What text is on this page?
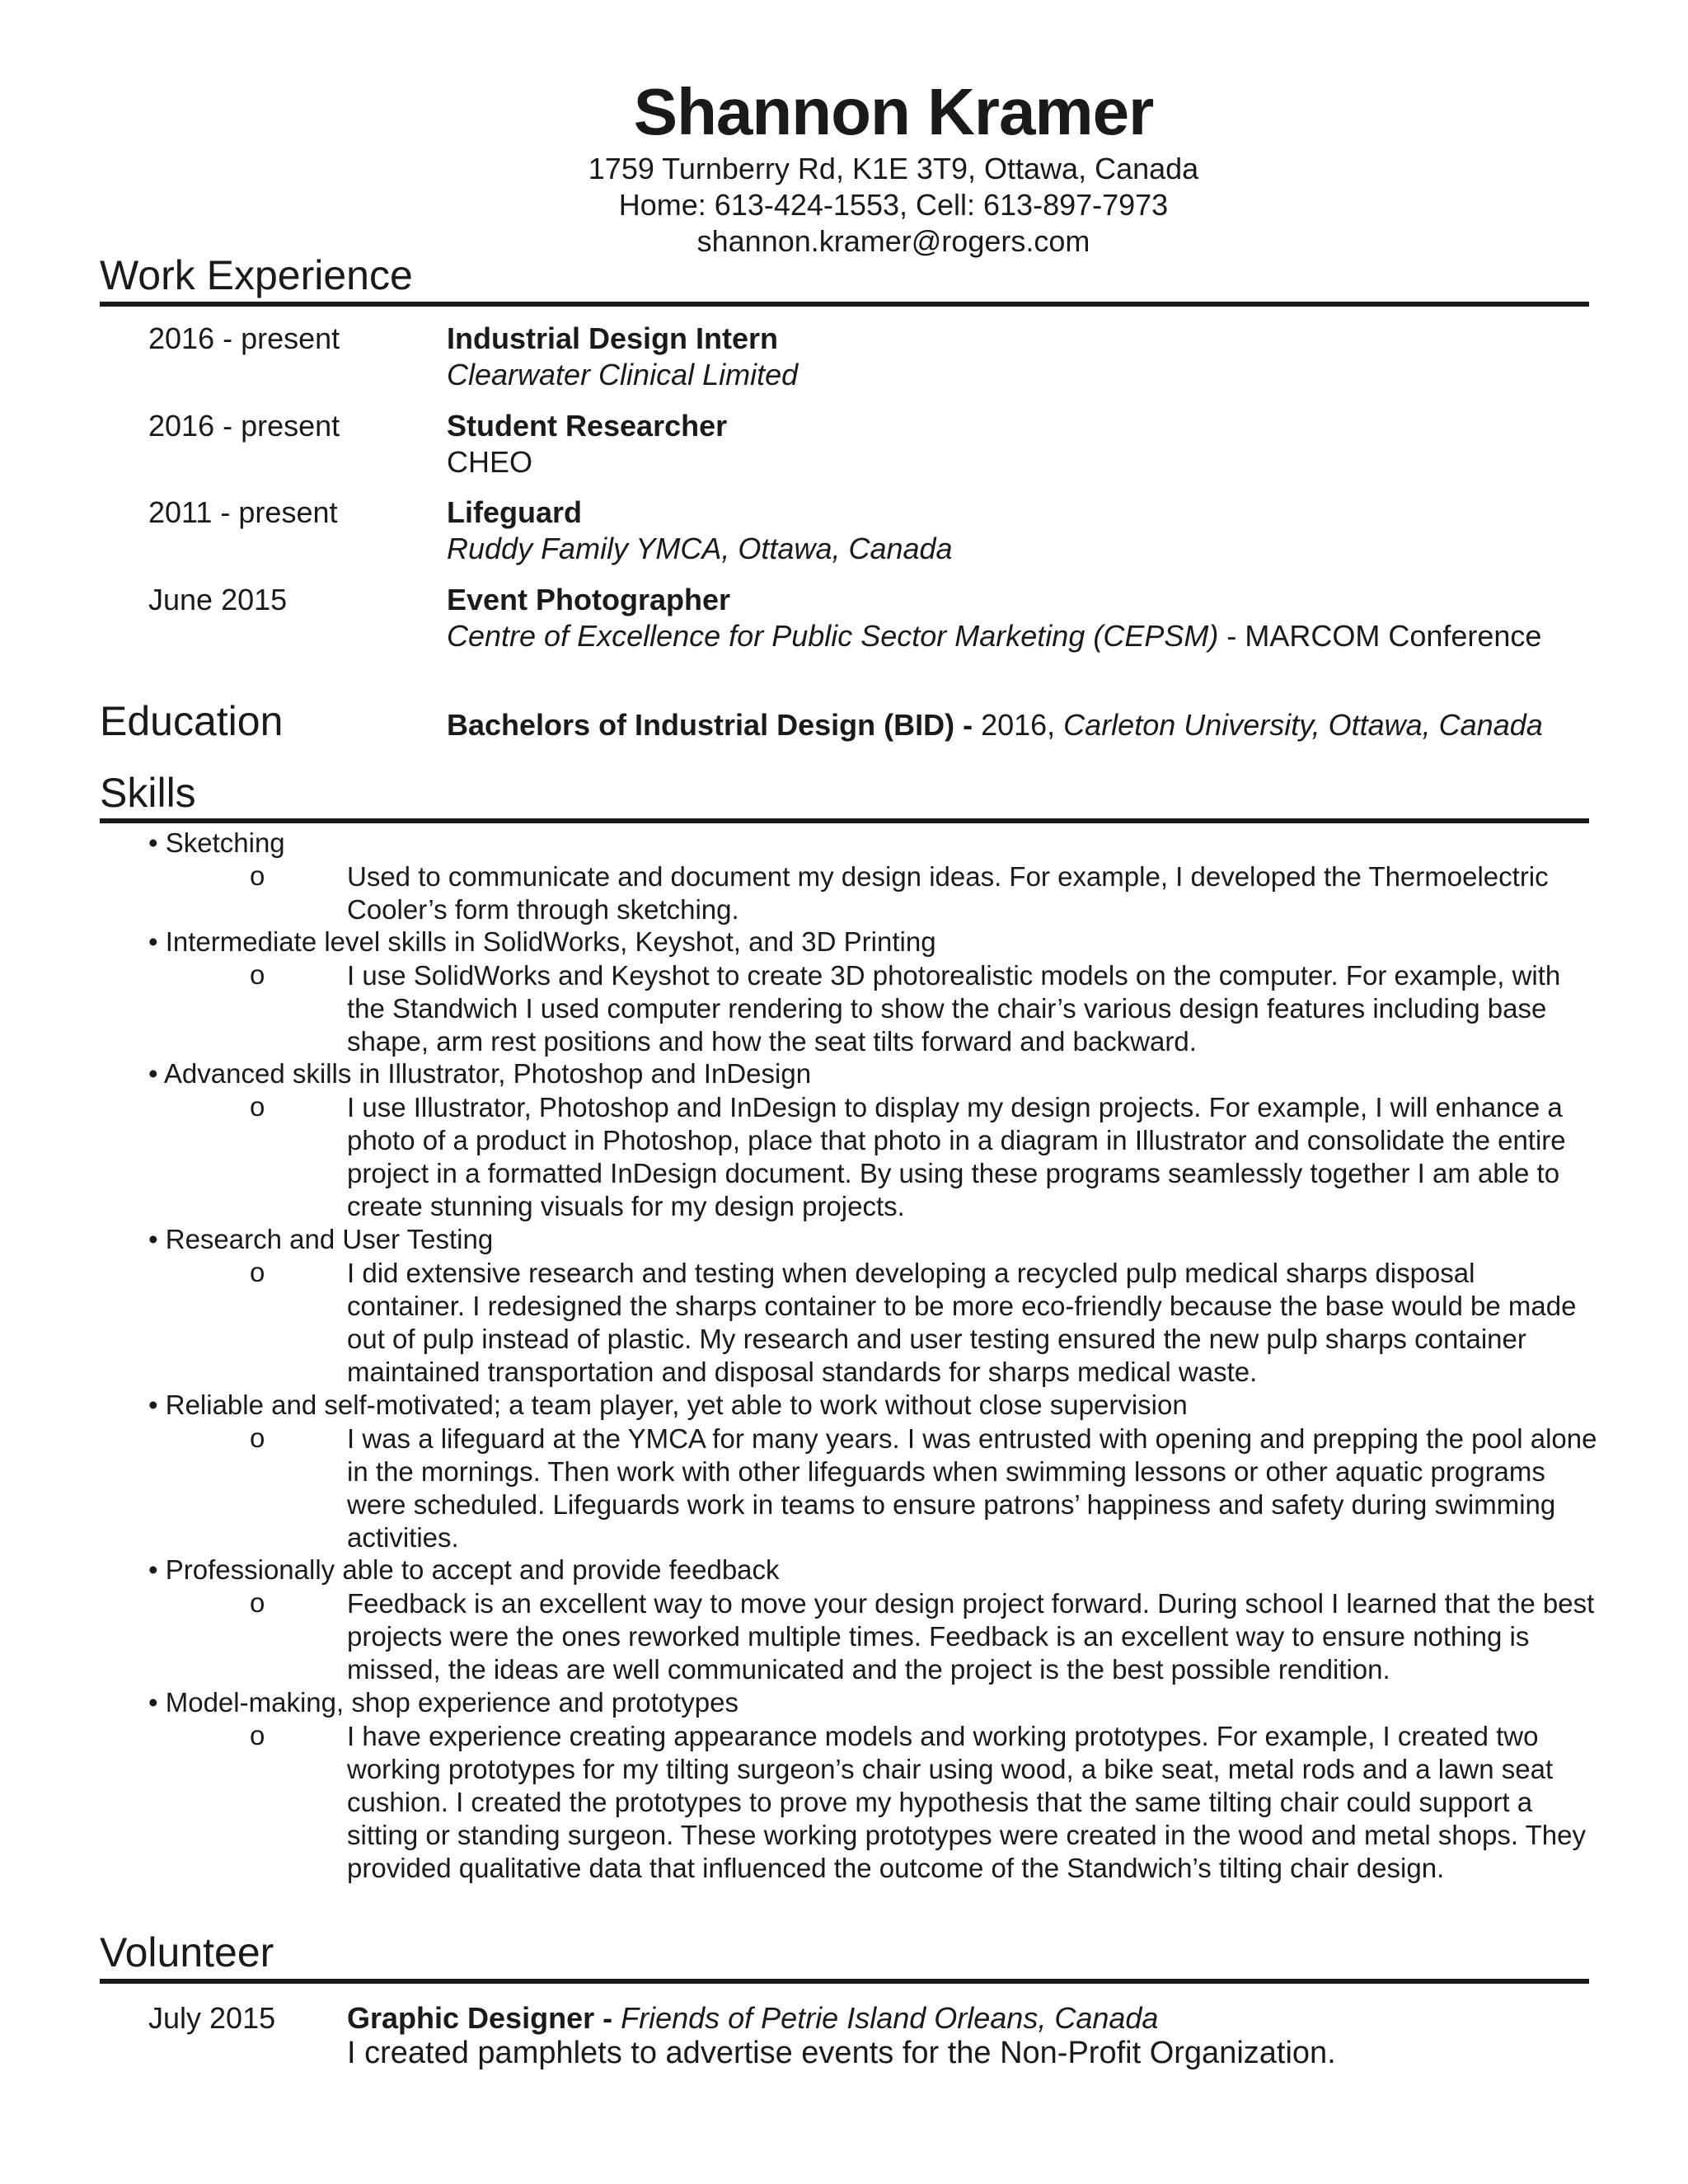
Shannon Kramer
1759 Turnberry Rd, K1E 3T9, Ottawa, Canada
Home: 613-424-1553, Cell: 613-897-7973
shannon.kramer@rogers.com
Work Experience
2016 - present	Industrial Design Intern
Clearwater Clinical Limited
2016 - present	Student Researcher
CHEO
2011 - present	Lifeguard
Ruddy Family YMCA, Ottawa, Canada
June 2015	Event Photographer
Centre of Excellence for Public Sector Marketing (CEPSM) - MARCOM Conference
Education	Bachelors of Industrial Design (BID) - 2016, Carleton University, Ottawa, Canada
Skills
• Sketching
o	Used to communicate and document my design ideas. For example, I developed the Thermoelectric Cooler’s form through sketching.
• Intermediate level skills in SolidWorks, Keyshot, and 3D Printing
o	I use SolidWorks and Keyshot to create 3D photorealistic models on the computer. For example, with the Standwich I used computer rendering to show the chair’s various design features including base shape, arm rest positions and how the seat tilts forward and backward.
• Advanced skills in Illustrator, Photoshop and InDesign
o	I use Illustrator, Photoshop and InDesign to display my design projects. For example, I will enhance a photo of a product in Photoshop, place that photo in a diagram in Illustrator and consolidate the entire project in a formatted InDesign document. By using these programs seamlessly together I am able to create stunning visuals for my design projects.
• Research and User Testing
o	I did extensive research and testing when developing a recycled pulp medical sharps disposal container. I redesigned the sharps container to be more eco-friendly because the base would be made out of pulp instead of plastic. My research and user testing ensured the new pulp sharps container maintained transportation and disposal standards for sharps medical waste.
• Reliable and self-motivated; a team player, yet able to work without close supervision
o	I was a lifeguard at the YMCA for many years. I was entrusted with opening and prepping the pool alone in the mornings. Then work with other lifeguards when swimming lessons or other aquatic programs were scheduled. Lifeguards work in teams to ensure patrons’ happiness and safety during swimming activities.
• Professionally able to accept and provide feedback
o	Feedback is an excellent way to move your design project forward. During school I learned that the best projects were the ones reworked multiple times. Feedback is an excellent way to ensure nothing is missed, the ideas are well communicated and the project is the best possible rendition.
• Model-making, shop experience and prototypes
o	I have experience creating appearance models and working prototypes. For example, I created two working prototypes for my tilting surgeon’s chair using wood, a bike seat, metal rods and a lawn seat cushion. I created the prototypes to prove my hypothesis that the same tilting chair could support a sitting or standing surgeon. These working prototypes were created in the wood and metal shops. They provided qualitative data that influenced the outcome of the Standwich’s tilting chair design.
Volunteer
July 2015 Graphic Designer - Friends of Petrie Island Orleans, Canada
I created pamphlets to advertise events for the Non-Profit Organization.
